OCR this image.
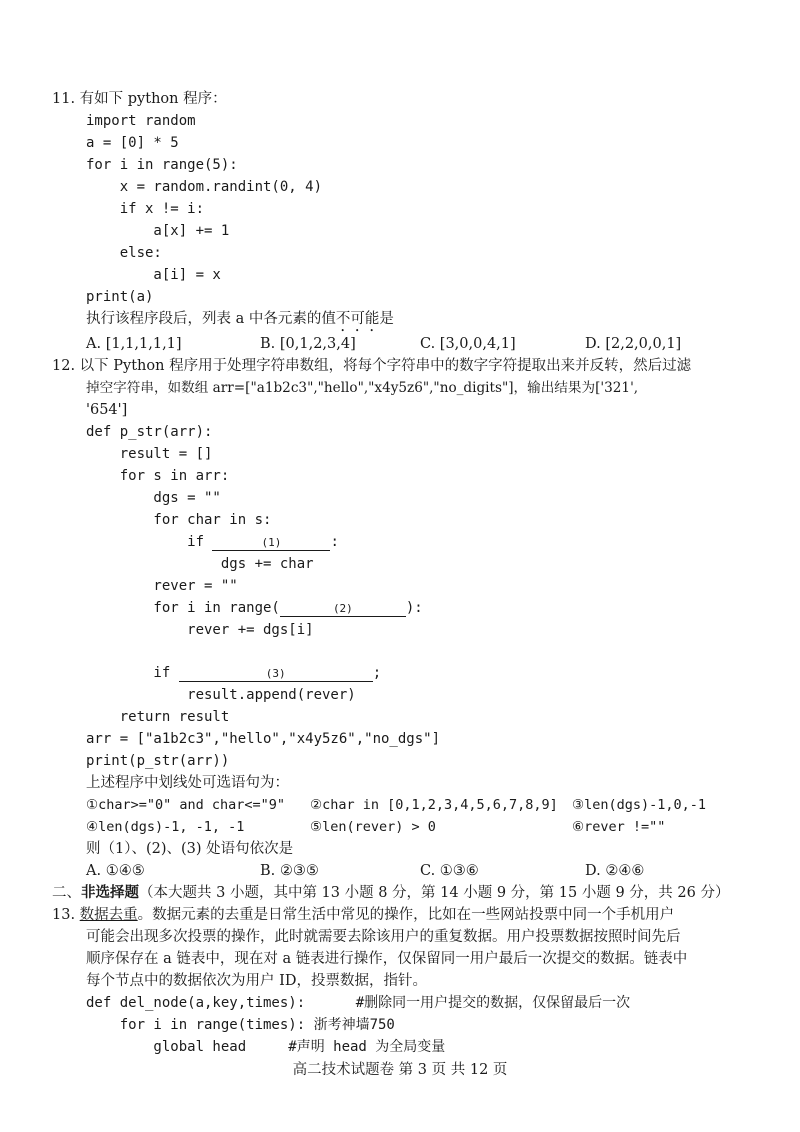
11. 有如下 python 程序：
import random
a = [0] * 5
for i in range(5):
x = random.randint(0, 4)
if x != i:
a[x] += 1
else:
a[i] = x
print(a)
执行该程序段后，列表 a 中各元素的值不可能是
A. [1,1,1,1,1]	B. [0,1,2,3,4]	C. [3,0,0,4,1]	D. [2,2,0,0,1]
12. 以下 Python 程序用于处理字符串数组，将每个字符串中的数字字符提取出来并反转，然后过滤
掉空字符串，如数组 arr=["a1b2c3","hello","x4y5z6","no_digits"]，输出结果为['321',
'654']
def p_str(arr):
result = []
for s in arr:
dgs = ""
for char in s:
if	(1)	:
dgs += char
rever = ""
for i in range(	(2)	):
rever += dgs[i]
if	(3)	;
result.append(rever)
return result
arr = ["a1b2c3","hello","x4y5z6","no_dgs"]
print(p_str(arr))
上述程序中划线处可选语句为：
①char>="0" and char<="9" ②char in [0,1,2,3,4,5,6,7,8,9] ③len(dgs)-1,0,-1
④len(dgs)-1, -1, -1	⑤len(rever) > 0	⑥rever !=""
则（1）、(2)、(3) 处语句依次是
A. ①④⑤	B. ②③⑤	C. ①③⑥	D. ②④⑥
二、非选择题（本大题共 3 小题，其中第 13 小题 8 分，第 14 小题 9 分，第 15 小题 9 分，共 26 分）
13. 数据去重。数据元素的去重是日常生活中常见的操作，比如在一些网站投票中同一个手机用户
可能会出现多次投票的操作，此时就需要去除该用户的重复数据。用户投票数据按照时间先后
顺序保存在 a 链表中，现在对 a 链表进行操作，仅保留同一用户最后一次提交的数据。链表中
每个节点中的数据依次为用户 ID，投票数据，指针。
def del_node(a,key,times):      #删除同一用户提交的数据，仅保留最后一次
for i in range(times): 浙考神墙750
global head     #声明 head 为全局变量
高二技术试题卷 第 3 页 共 12 页
